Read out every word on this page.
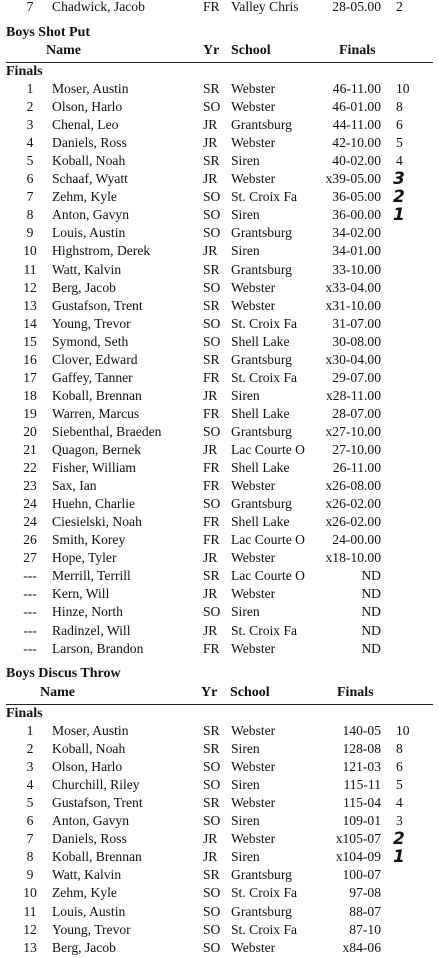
7	Chadwick, Jacob	FR Valley Chris 28-05.00 2
Boys Shot Put
Name	Yr School	Finals
Finals
1	Moser, Austin	SR Webster	46-11.00 10
2	Olson, Harlo	SO Webster	46-01.00 8
3	Chenal, Leo	JR Grantsburg	44-11.00 6
4	Daniels, Ross	JR Webster	42-10.00 5
5	Koball, Noah	SR Siren	40-02.00 4
6	Schaaf, Wyatt	JR Webster	x39-05.00 3
7	Zehm, Kyle	SO St. Croix Fa	36-05.00 2
8	Anton, Gavyn	SO Siren	36-00.00 1
9	Louis, Austin	SO Grantsburg	34-02.00
10	Highstrom, Derek	JR Siren	34-01.00
11	Watt, Kalvin	SR Grantsburg	33-10.00
12	Berg, Jacob	SO Webster	x33-04.00
13	Gustafson, Trent	SR Webster	x31-10.00
14	Young, Trevor	SO St. Croix Fa	31-07.00
15	Symond, Seth	SO Shell Lake	30-08.00
16	Clover, Edward	SR Grantsburg x30-04.00
17	Gaffey, Tanner	FR St. Croix Fa	29-07.00
18	Koball, Brennan	JR Siren	x28-11.00
19	Warren, Marcus	FR Shell Lake	28-07.00
20	Siebenthal, Braeden	SO Grantsburg x27-10.00
21	Quagon, Bernek	JR Lac Courte O 27-10.00
22	Fisher, William	FR Shell Lake	26-11.00
23	Sax, Ian	FR Webster	x26-08.00
24	Huehn, Charlie	SO Grantsburg x26-02.00
24	Ciesielski, Noah	FR Shell Lake	x26-02.00
26	Smith, Korey	FR Lac Courte O 24-00.00
27	Hope, Tyler	JR Webster	x18-10.00
---	Merrill, Terrill	SR Lac Courte O	ND
---	Kern, Will	JR Webster	ND
---	Hinze, North	SO Siren	ND
---	Radinzel, Will	JR St. Croix Fa	ND
---	Larson, Brandon	FR Webster	ND
Boys Discus Throw
Name	Yr School	Finals
Finals
1	Moser, Austin	SR Webster	140-05 10
2	Koball, Noah	SR Siren	128-08 8
3	Olson, Harlo	SO Webster	121-03 6
4	Churchill, Riley	SO Siren	115-11 5
5	Gustafson, Trent	SR Webster	115-04 4
6	Anton, Gavyn	SO Siren	109-01 3
7	Daniels, Ross	JR Webster	x105-07 2
8	Koball, Brennan	JR Siren	x104-09 1
9	Watt, Kalvin	SR Grantsburg	100-07
10	Zehm, Kyle	SO St. Croix Fa	97-08
11	Louis, Austin	SO Grantsburg	88-07
12	Young, Trevor	SO St. Croix Fa	87-10
13	Berg, Jacob	SO Webster	x84-06
